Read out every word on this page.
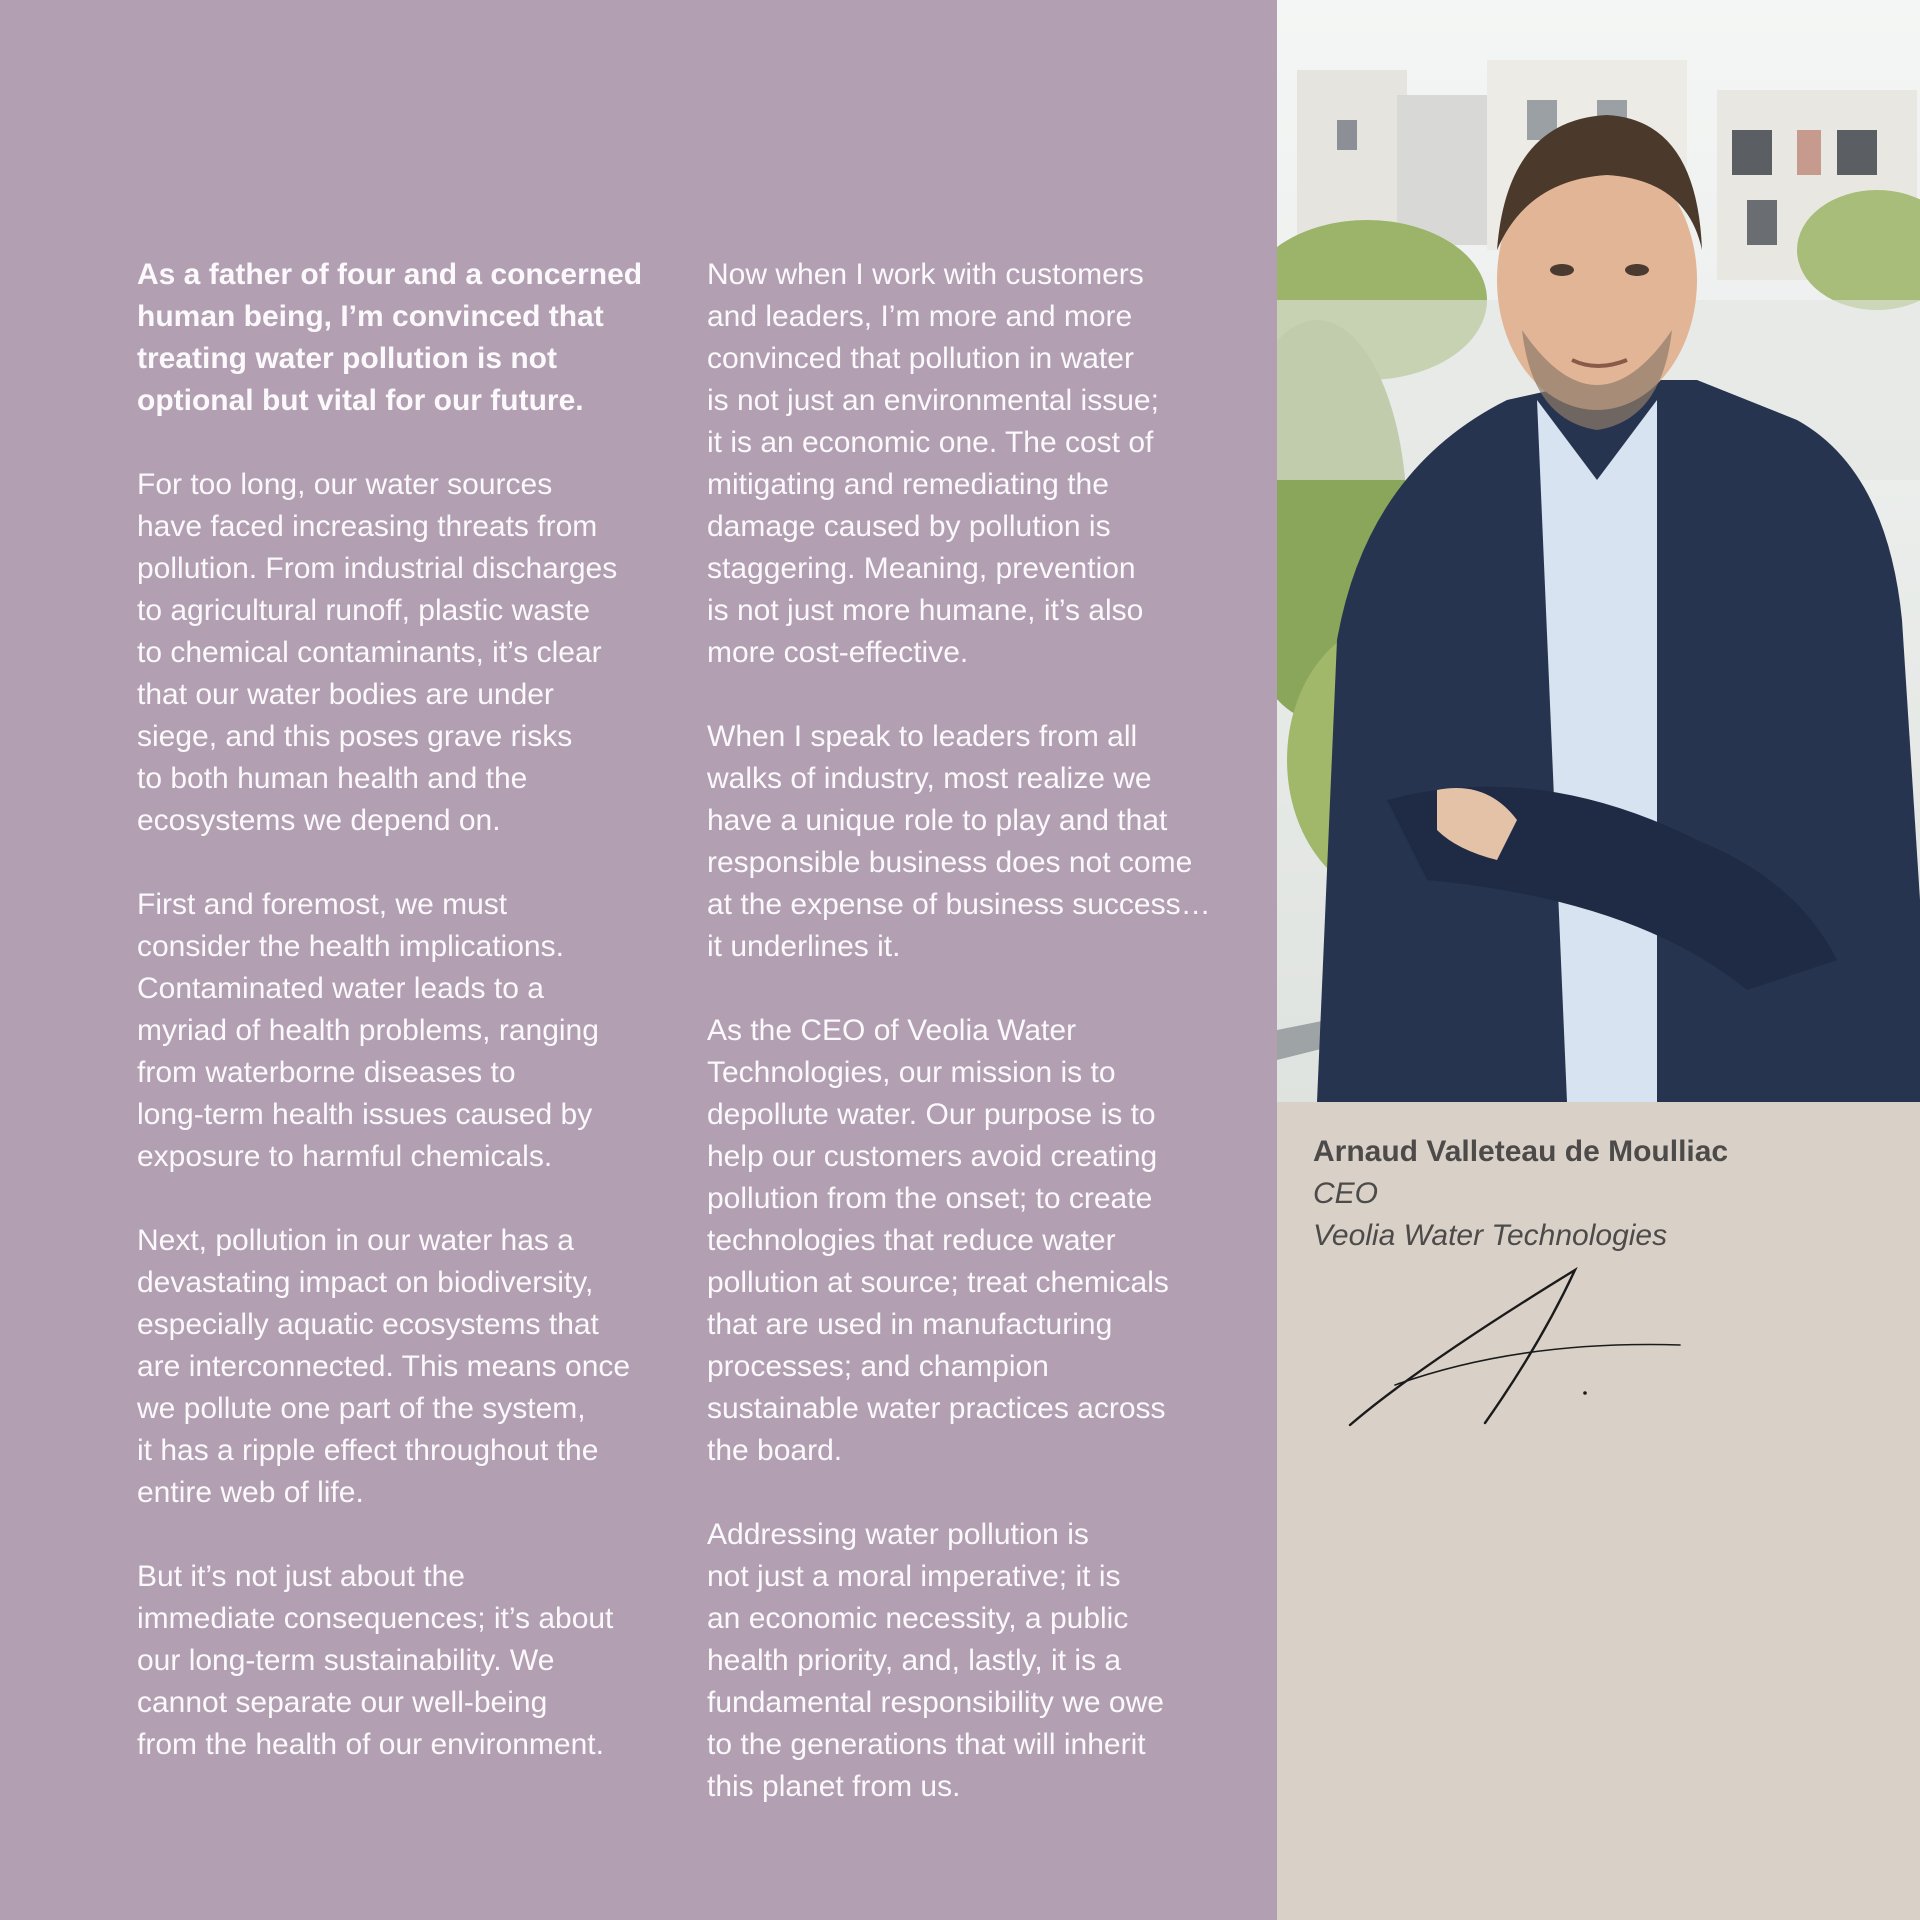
As a father of four and a concerned
human being, I’m convinced that
treating water pollution is not
optional but vital for our future.

For too long, our water sources
have faced increasing threats from
pollution. From industrial discharges
to agricultural runoff, plastic waste
to chemical contaminants, it’s clear
that our water bodies are under
siege, and this poses grave risks
to both human health and the
ecosystems we depend on.

First and foremost, we must
consider the health implications.
Contaminated water leads to a
myriad of health problems, ranging
from waterborne diseases to
long-term health issues caused by
exposure to harmful chemicals.

Next, pollution in our water has a
devastating impact on biodiversity,
especially aquatic ecosystems that
are interconnected. This means once
we pollute one part of the system,
it has a ripple effect throughout the
entire web of life.

But it’s not just about the
immediate consequences; it’s about
our long-term sustainability. We
cannot separate our well-being
from the health of our environment.

Now when I work with customers
and leaders, I’m more and more
convinced that pollution in water
is not just an environmental issue;
it is an economic one. The cost of
mitigating and remediating the
damage caused by pollution is
staggering. Meaning, prevention
is not just more humane, it’s also
more cost-effective.

When I speak to leaders from all
walks of industry, most realize we
have a unique role to play and that
responsible business does not come
at the expense of business success…
it underlines it.

As the CEO of Veolia Water
Technologies, our mission is to
depollute water. Our purpose is to
help our customers avoid creating
pollution from the onset; to create
technologies that reduce water
pollution at source; treat chemicals
that are used in manufacturing
processes; and champion
sustainable water practices across
the board.

Addressing water pollution is
not just a moral imperative; it is
an economic necessity, a public
health priority, and, lastly, it is a
fundamental responsibility we owe
to the generations that will inherit
this planet from us.

Arnaud Valleteau de Moulliac
CEO
Veolia Water Technologies
